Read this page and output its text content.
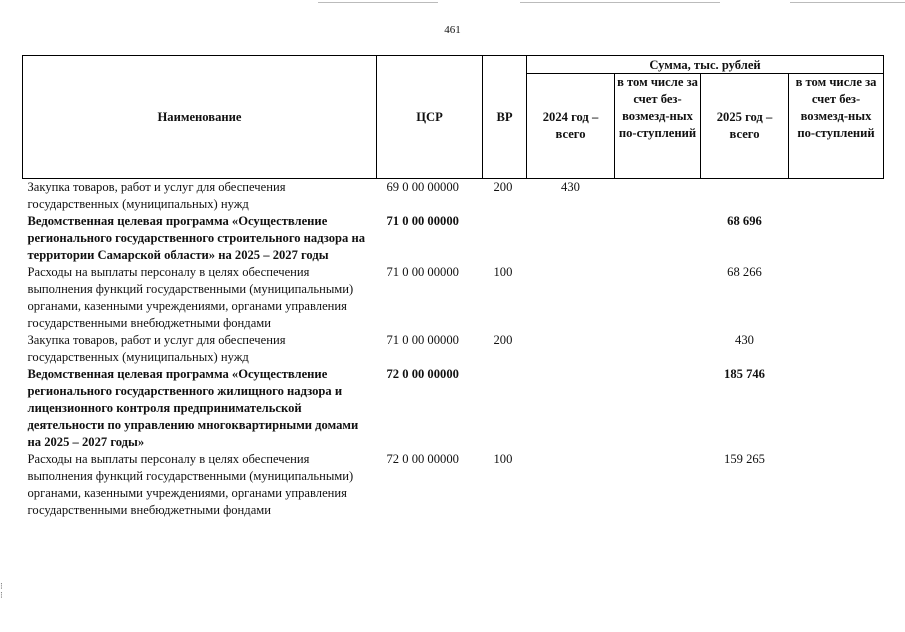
461
Наименование	ЦСР	ВР	Сумма, тыс. рублей			
			2024 год – всего	в том числе за счет без-возмезд-ных по-ступлений	2025 год – всего	в том числе за счет без-возмезд-ных по-ступлений
Закупка товаров, работ и услуг для обеспечения государственных (муниципальных) нужд	69 0 00 00000	200	430			
Ведомственная целевая программа «Осуществление регионального государственного строительного надзора на территории Самарской области» на 2025 – 2027 годы	71 0 00 00000				68 696	
Расходы на выплаты персоналу в целях обеспечения выполнения функций государственными (муниципальными) органами, казенными учреждениями, органами управления государственными внебюджетными фондами	71 0 00 00000	100			68 266	
Закупка товаров, работ и услуг для обеспечения государственных (муниципальных) нужд	71 0 00 00000	200			430	
Ведомственная целевая программа «Осуществление регионального государственного жилищного надзора и лицензионного контроля предпринимательской деятельности по управлению многоквартирными домами на 2025 – 2027 годы»	72 0 00 00000				185 746	
Расходы на выплаты персоналу в целях обеспечения выполнения функций государственными (муниципальными) органами, казенными учреждениями, органами управления государственными внебюджетными фондами	72 0 00 00000	100			159 265	
⁝
⁝
